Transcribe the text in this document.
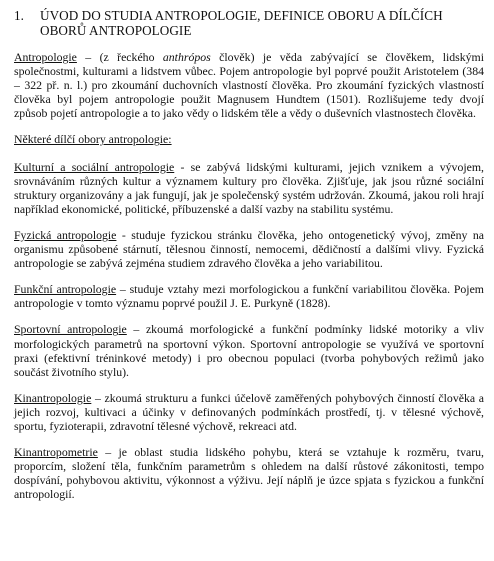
1.	ÚVOD DO STUDIA ANTROPOLOGIE, DEFINICE OBORU A DÍLČÍCH OBORŮ ANTROPOLOGIE

Antropologie – (z řeckého anthrópos člověk) je věda zabývající se člověkem, lidskými společnostmi, kulturami a lidstvem vůbec. Pojem antropologie byl poprvé použit Aristotelem (384 – 322 př. n. l.) pro zkoumání duchovních vlastností člověka. Pro zkoumání fyzických vlastností člověka byl pojem antropologie použit Magnusem Hundtem (1501). Rozlišujeme tedy dvojí způsob pojetí antropologie a to jako vědy o lidském těle a vědy o duševních vlastnostech člověka.

Některé dílčí obory antropologie:

Kulturní a sociální antropologie - se zabývá lidskými kulturami, jejich vznikem a vývojem, srovnáváním různých kultur a významem kultury pro člověka. Zjišťuje, jak jsou různé sociální struktury organizovány a jak fungují, jak je společenský systém udržován. Zkoumá, jakou roli hrají například ekonomické, politické, příbuzenské a další vazby na stabilitu systému.

Fyzická antropologie - studuje fyzickou stránku člověka, jeho ontogenetický vývoj, změny na organismu způsobené stárnutí, tělesnou činností, nemocemi, dědičností a dalšími vlivy. Fyzická antropologie se zabývá zejména studiem zdravého člověka a jeho variabilitou.

Funkční antropologie – studuje vztahy mezi morfologickou a funkční variabilitou člověka. Pojem antropologie v tomto významu poprvé použil J. E. Purkyně (1828).

Sportovní antropologie – zkoumá morfologické a funkční podmínky lidské motoriky a vliv morfologických parametrů na sportovní výkon. Sportovní antropologie se využívá ve sportovní praxi (efektivní tréninkové metody) i pro obecnou populaci (tvorba pohybových režimů jako součást životního stylu).

Kinantropologie – zkoumá strukturu a funkci účelově zaměřených pohybových činností člověka a jejich rozvoj, kultivaci a účinky v definovaných podmínkách prostředí, tj. v tělesné výchově, sportu, fyzioterapii, zdravotní tělesné výchově, rekreaci atd.

Kinantropometrie – je oblast studia lidského pohybu, která se vztahuje k rozměru, tvaru, proporcím, složení těla, funkčním parametrům s ohledem na další růstové zákonitosti, tempo dospívání, pohybovou aktivitu, výkonnost a výživu. Její náplň je úzce spjata s fyzickou a funkční antropologií.
